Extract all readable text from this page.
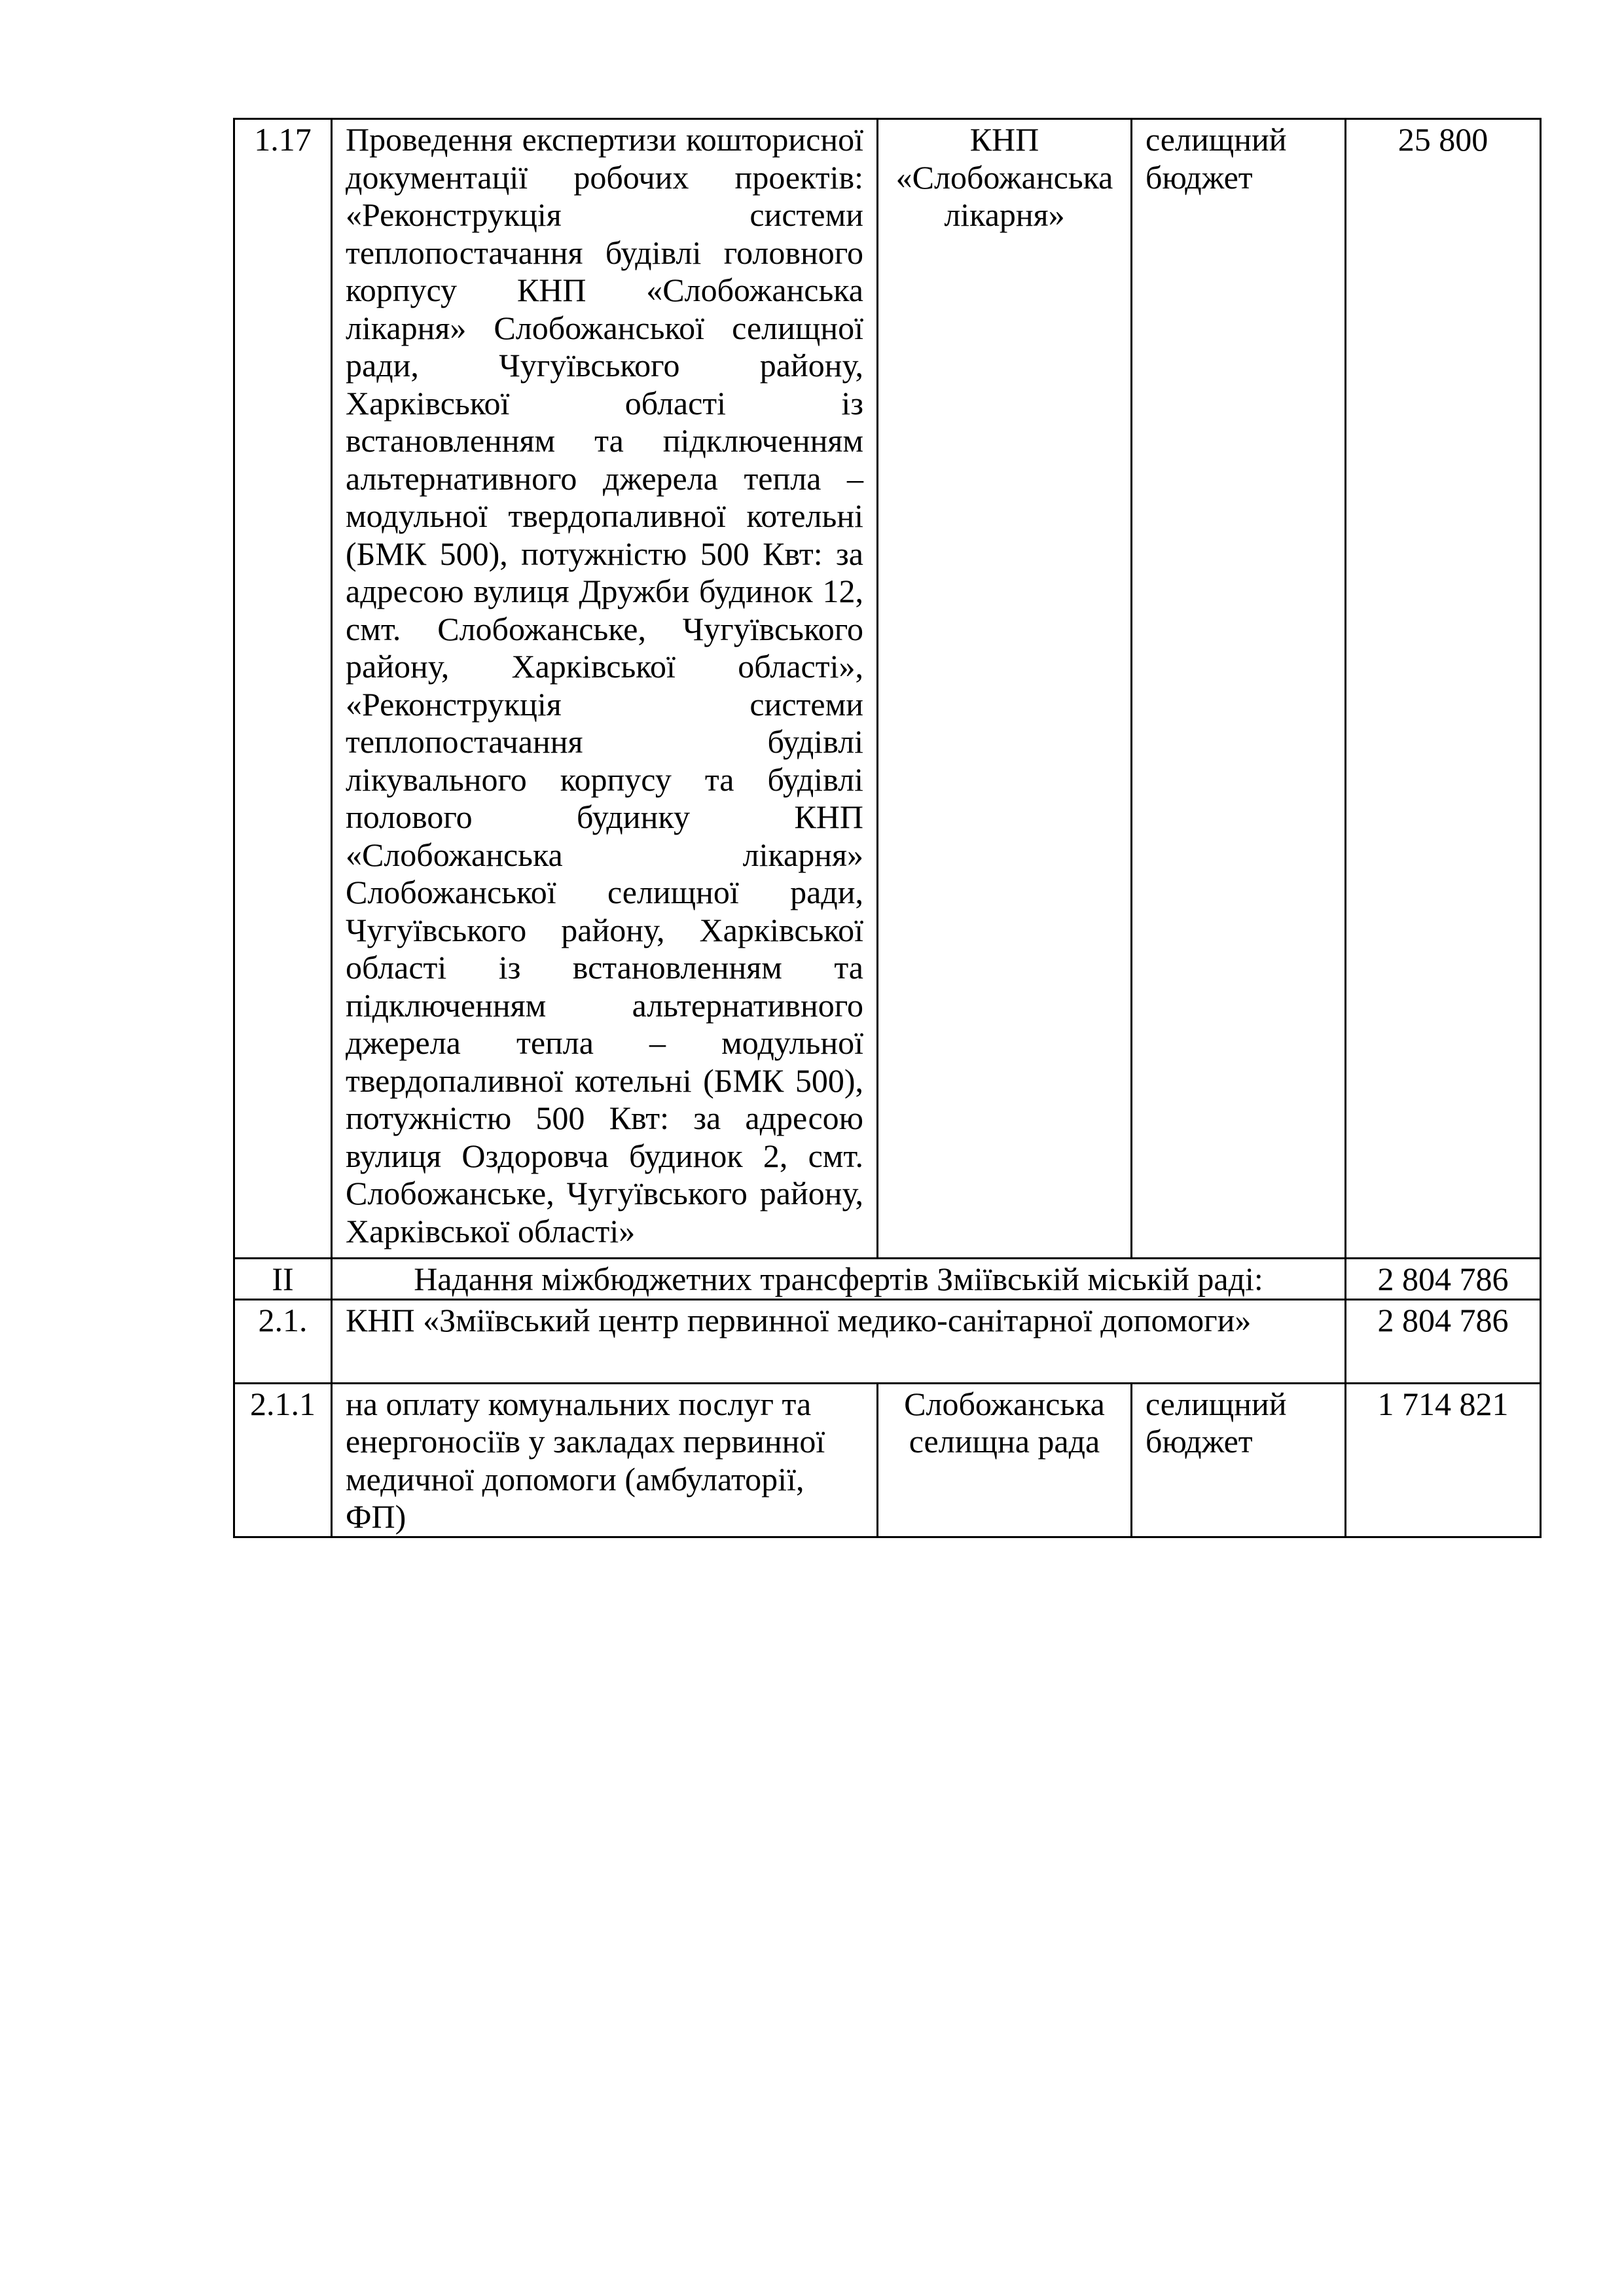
1.17	Проведення експертизи кошторисної документації робочих проектів: «Реконструкція системи теплопостачання будівлі головного корпусу КНП «Слобожанська лікарня» Слобожанської селищної ради, Чугуївського району, Харківської області із встановленням та підключенням альтернативного джерела тепла – модульної твердопаливної котельні (БМК 500), потужністю 500 Квт: за адресою вулиця Дружби будинок 12, смт. Слобожанське, Чугуївського району, Харківської області», «Реконструкція системи теплопостачання будівлі лікувального корпусу та будівлі полового будинку КНП «Слобожанська лікарня» Слобожанської селищної ради, Чугуївського району, Харківської області із встановленням та підключенням альтернативного джерела тепла – модульної твердопаливної котельні (БМК 500), потужністю 500 Квт: за адресою вулиця Оздоровча будинок 2, смт. Слобожанське, Чугуївського району, Харківської області»	КНП «Слобожанська лікарня»	селищний бюджет	25 800
II	Надання міжбюджетних трансфертів Зміївській міській раді:			2 804 786
2.1.	КНП «Зміївський центр первинної медико-санітарної допомоги»			2 804 786
2.1.1	на оплату комунальних послуг та енергоносіїв у закладах первинної медичної допомоги (амбулаторії, ФП)	Слобожанська селищна рада	селищний бюджет	1 714 821
